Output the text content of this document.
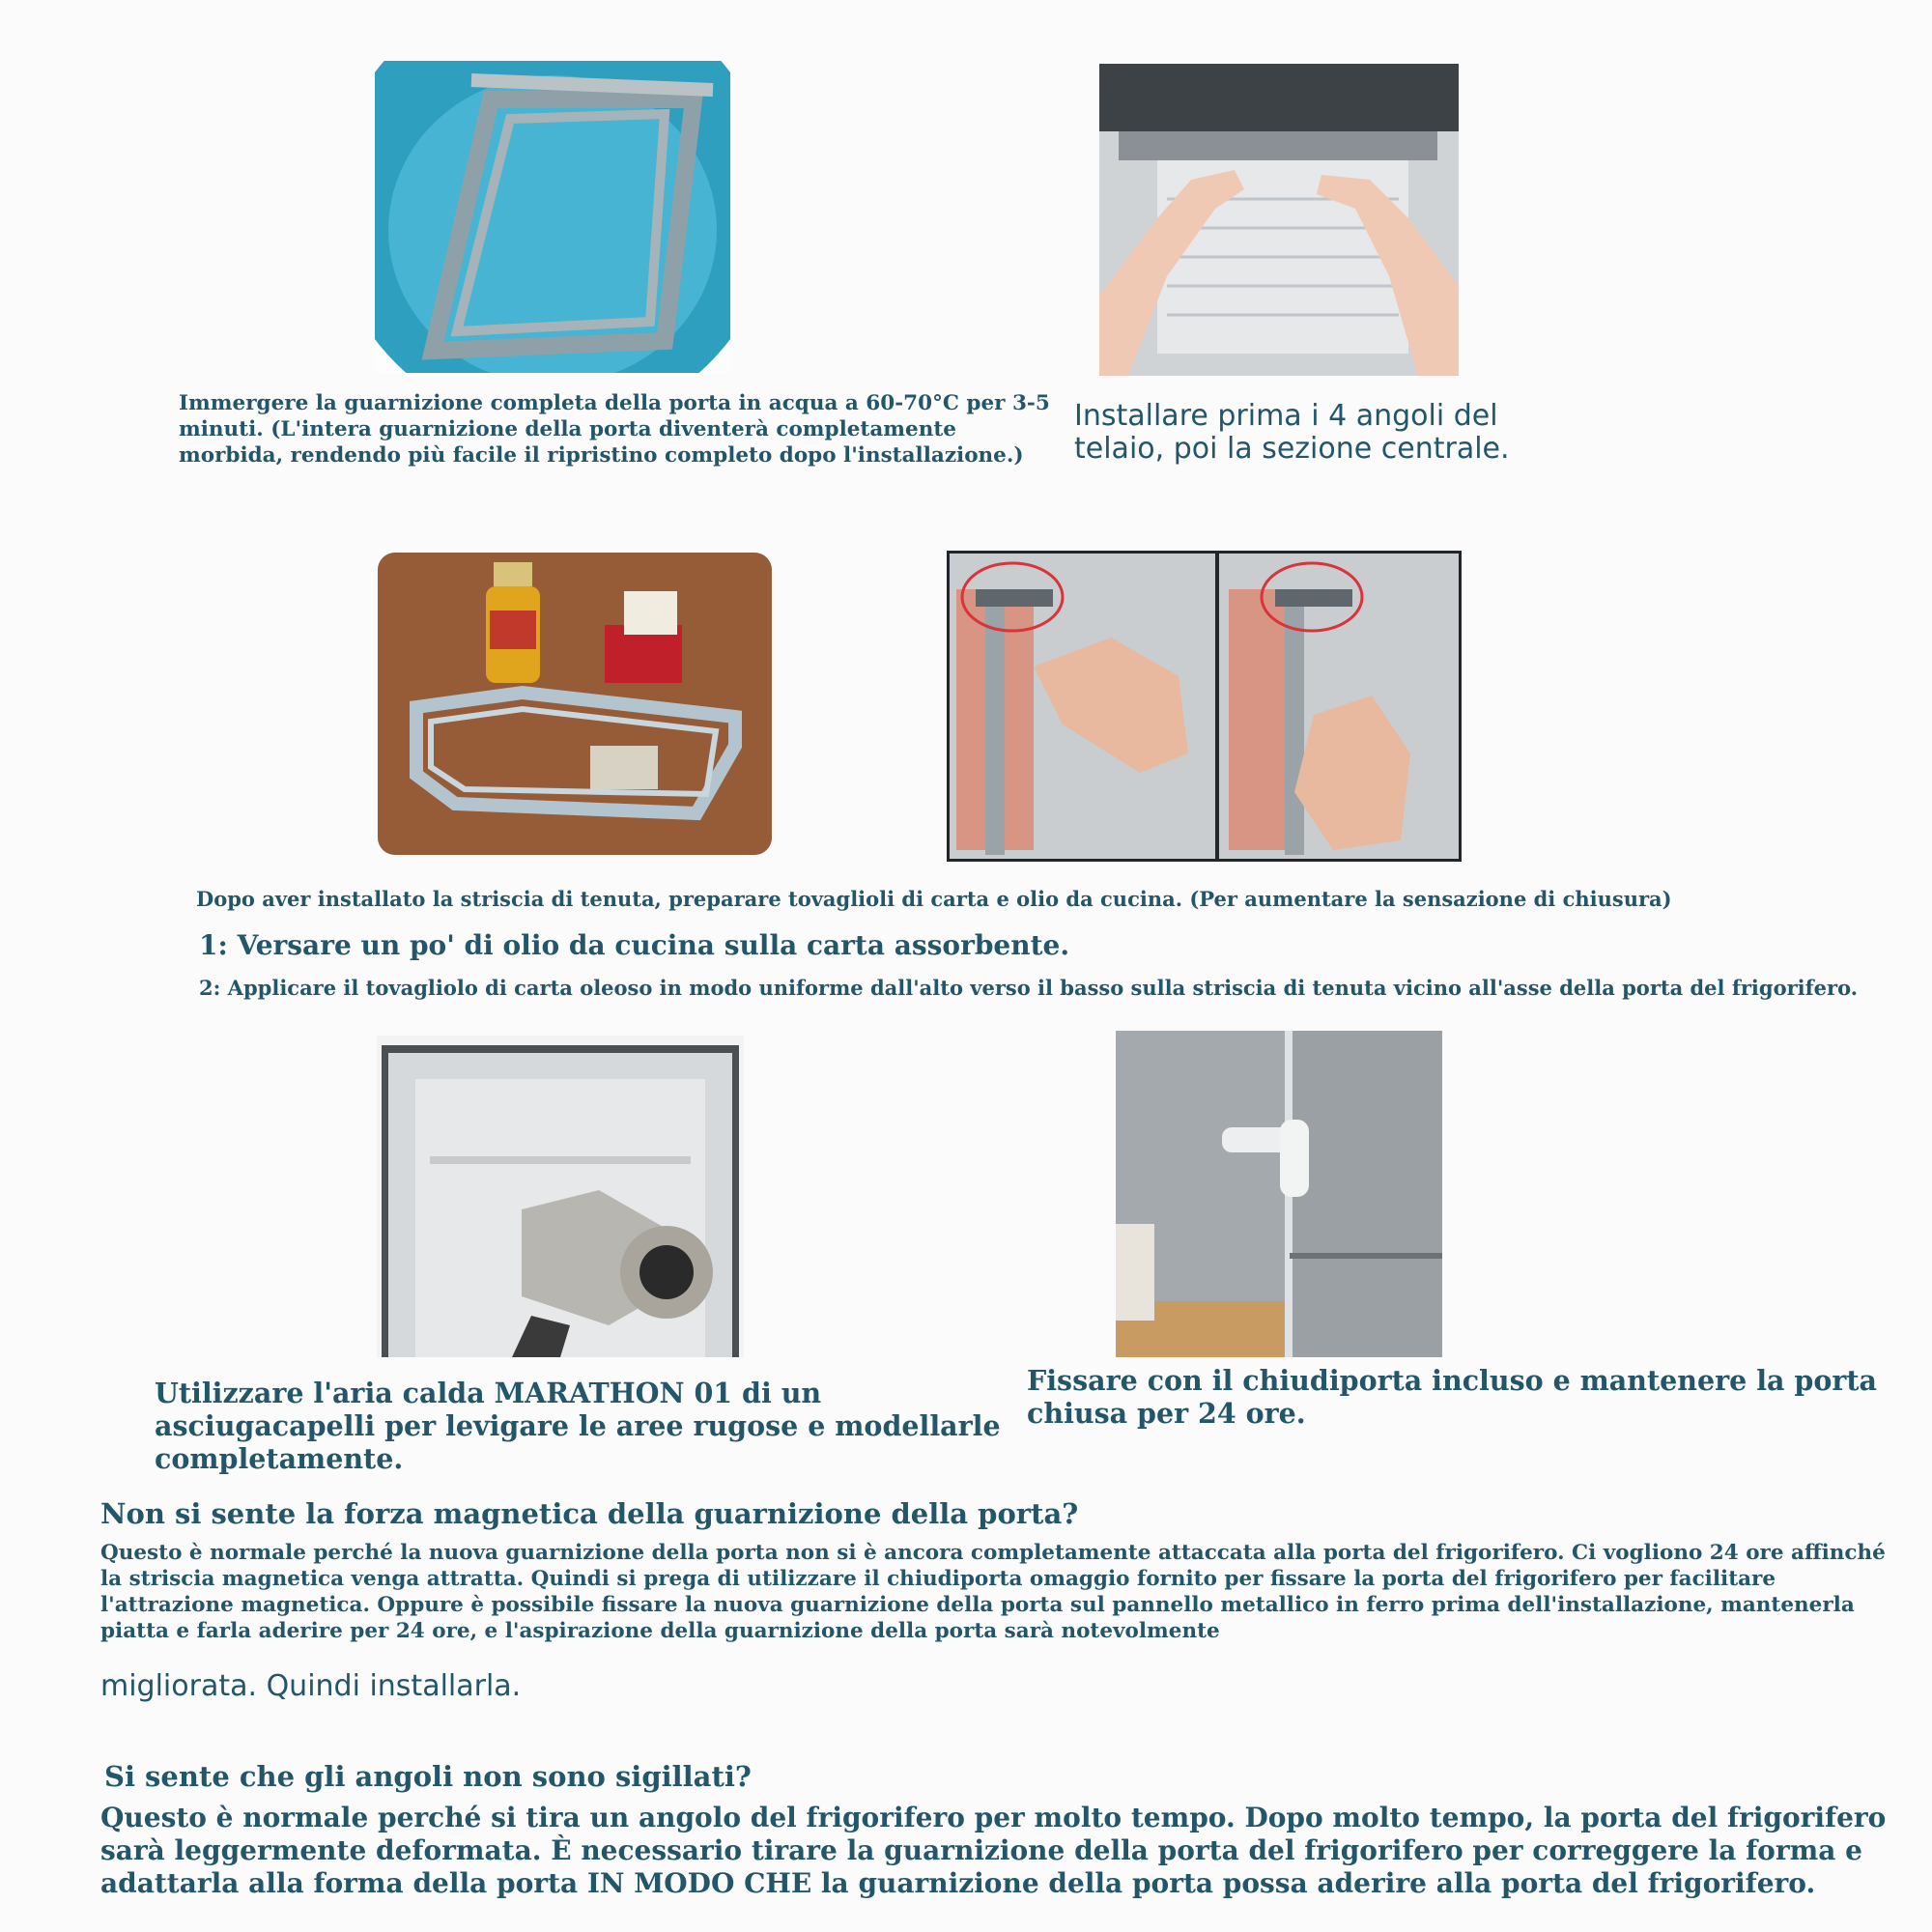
Immergere la guarnizione completa della porta in acqua a 60-70°C per 3-5 minuti. (L'intera guarnizione della porta diventerà completamente morbida, rendendo più facile il ripristino completo dopo l'installazione.)
Installare prima i 4 angoli del telaio, poi la sezione centrale.
Dopo aver installato la striscia di tenuta, preparare tovaglioli di carta e olio da cucina. (Per aumentare la sensazione di chiusura)
1: Versare un po' di olio da cucina sulla carta assorbente.
2: Applicare il tovagliolo di carta oleoso in modo uniforme dall'alto verso il basso sulla striscia di tenuta vicino all'asse della porta del frigorifero.
Utilizzare l'aria calda MARATHON 01 di un asciugacapelli per levigare le aree rugose e modellarle completamente.
Fissare con il chiudiporta incluso e mantenere la porta chiusa per 24 ore.
Non si sente la forza magnetica della guarnizione della porta?
Questo è normale perché la nuova guarnizione della porta non si è ancora completamente attaccata alla porta del frigorifero. Ci vogliono 24 ore affinché la striscia magnetica venga attratta. Quindi si prega di utilizzare il chiudiporta omaggio fornito per fissare la porta del frigorifero per facilitare l'attrazione magnetica. Oppure è possibile fissare la nuova guarnizione della porta sul pannello metallico in ferro prima dell'installazione, mantenerla piatta e farla aderire per 24 ore, e l'aspirazione della guarnizione della porta sarà notevolmente
migliorata. Quindi installarla.
Si sente che gli angoli non sono sigillati?
Questo è normale perché si tira un angolo del frigorifero per molto tempo. Dopo molto tempo, la porta del frigorifero sarà leggermente deformata. È necessario tirare la guarnizione della porta del frigorifero per correggere la forma e adattarla alla forma della porta IN MODO CHE la guarnizione della porta possa aderire alla porta del frigorifero.
